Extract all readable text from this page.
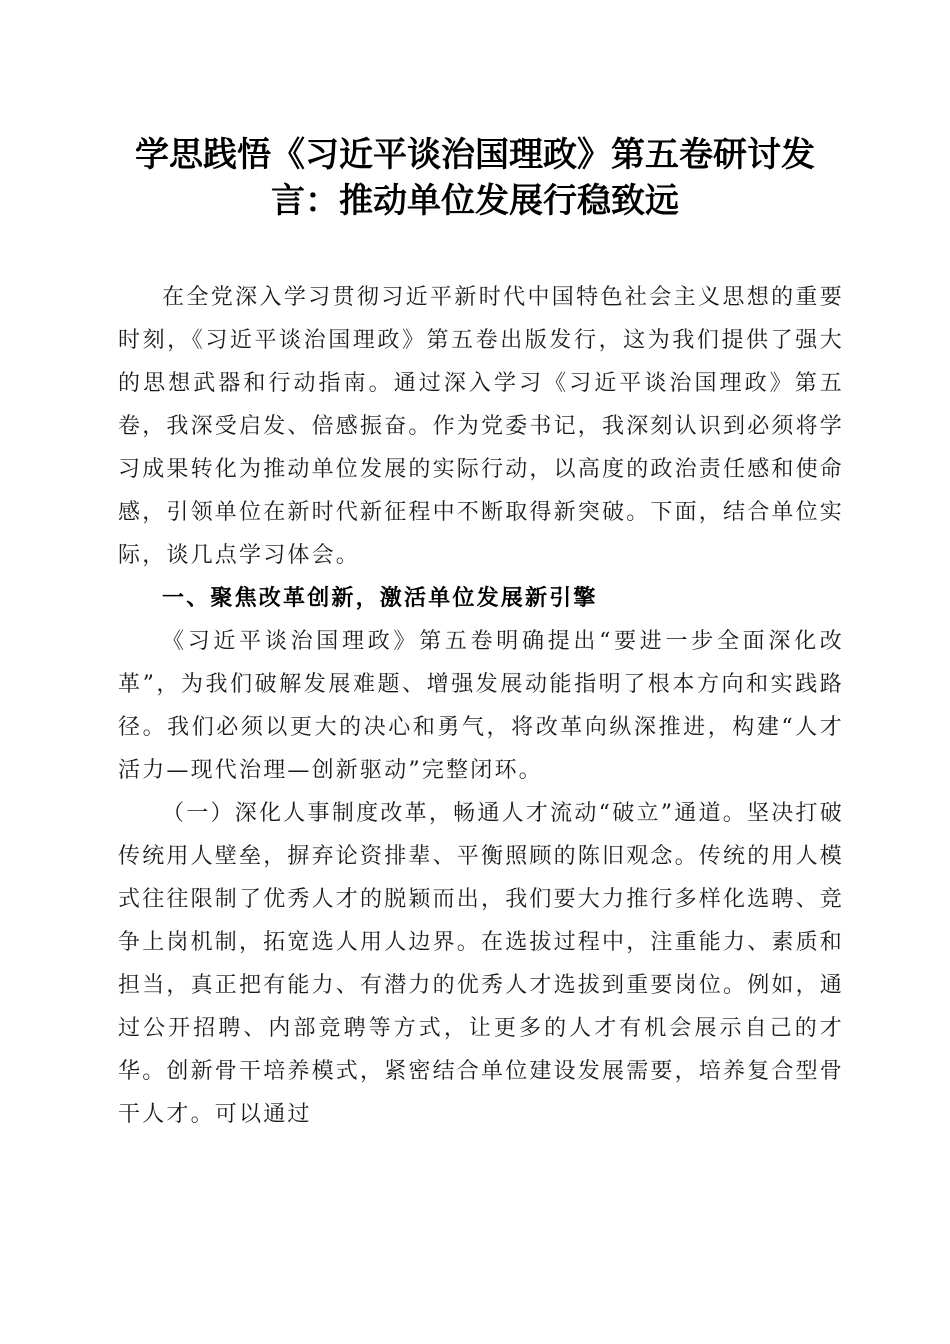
学思践悟《习近平谈治国理政》第五卷研讨发
言：推动单位发展行稳致远

在全党深入学习贯彻习近平新时代中国特色社会主义思想的重要时刻，《习近平谈治国理政》第五卷出版发行，这为我们提供了强大的思想武器和行动指南。通过深入学习《习近平谈治国理政》第五卷，我深受启发、倍感振奋。作为党委书记，我深刻认识到必须将学习成果转化为推动单位发展的实际行动，以高度的政治责任感和使命感，引领单位在新时代新征程中不断取得新突破。下面，结合单位实际，谈几点学习体会。

一、聚焦改革创新，激活单位发展新引擎

《习近平谈治国理政》第五卷明确提出“要进一步全面深化改革”，为我们破解发展难题、增强发展动能指明了根本方向和实践路径。我们必须以更大的决心和勇气，将改革向纵深推进，构建“人才活力—现代治理—创新驱动”完整闭环。

（一）深化人事制度改革，畅通人才流动“破立”通道。坚决打破传统用人壁垒，摒弃论资排辈、平衡照顾的陈旧观念。传统的用人模式往往限制了优秀人才的脱颖而出，我们要大力推行多样化选聘、竞争上岗机制，拓宽选人用人边界。在选拔过程中，注重能力、素质和担当，真正把有能力、有潜力的优秀人才选拔到重要岗位。例如，通过公开招聘、内部竞聘等方式，让更多的人才有机会展示自己的才华。创新骨干培养模式，紧密结合单位建设发展需要，培养复合型骨干人才。可以通过
